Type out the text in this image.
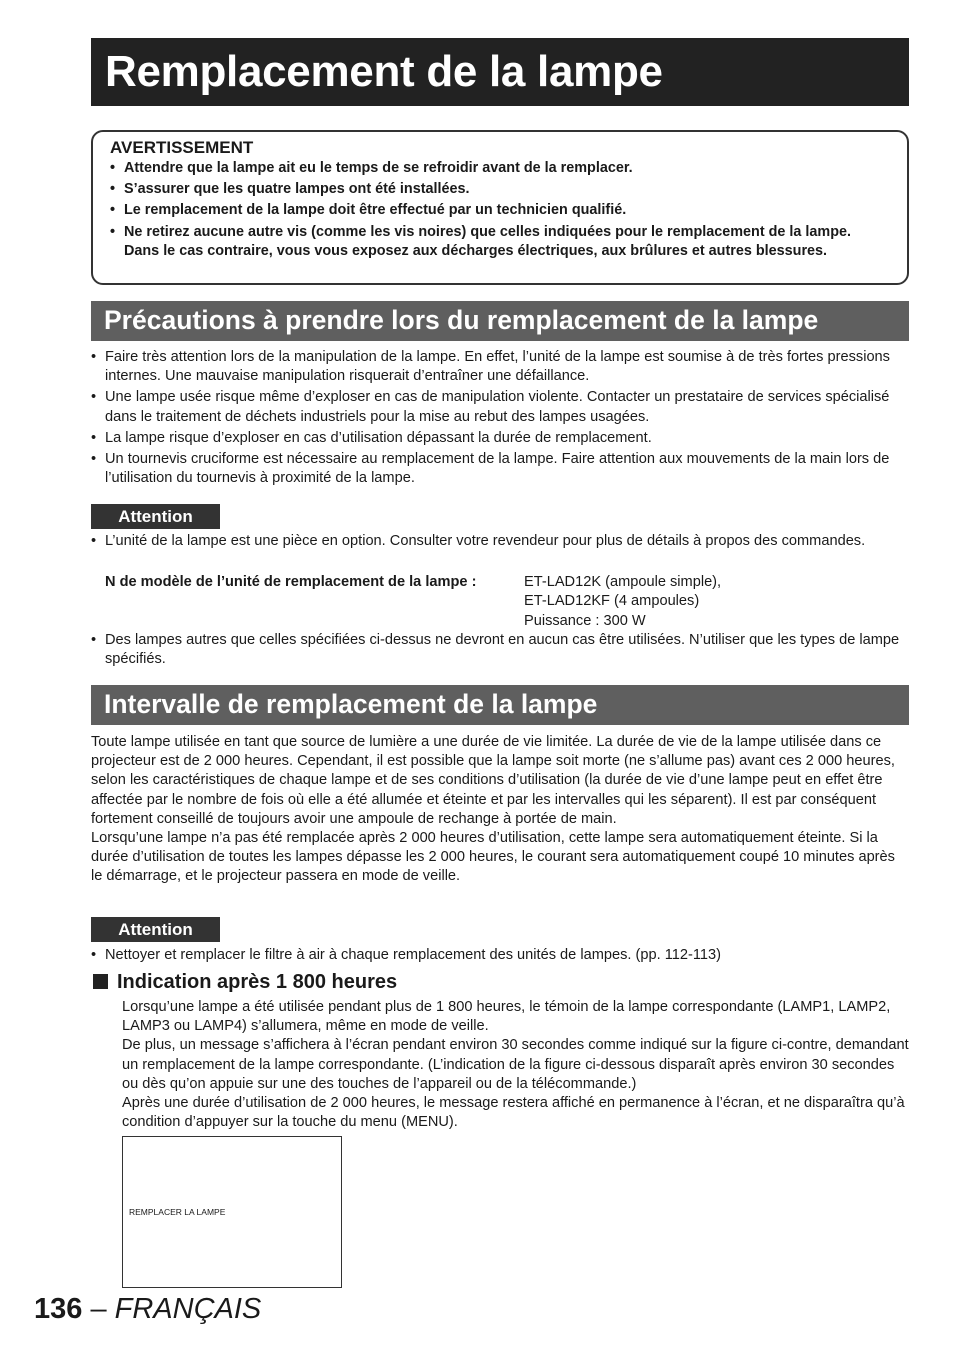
Remplacement de la lampe
AVERTISSEMENT
• Attendre que la lampe ait eu le temps de se refroidir avant de la remplacer.
• S’assurer que les quatre lampes ont été installées.
• Le remplacement de la lampe doit être effectué par un technicien qualifié.
• Ne retirez aucune autre vis (comme les vis noires) que celles indiquées pour le remplacement de la lampe. Dans le cas contraire, vous vous exposez aux décharges électriques, aux brûlures et autres blessures.
Précautions à prendre lors du remplacement de la lampe
• Faire très attention lors de la manipulation de la lampe. En effet, l’unité de la lampe est soumise à de très fortes pressions internes. Une mauvaise manipulation risquerait d’entraîner une défaillance.
• Une lampe usée risque même d’exploser en cas de manipulation violente. Contacter un prestataire de services spécialisé dans le traitement de déchets industriels pour la mise au rebut des lampes usagées.
• La lampe risque d’exploser en cas d’utilisation dépassant la durée de remplacement.
• Un tournevis cruciforme est nécessaire au remplacement de la lampe. Faire attention aux mouvements de la main lors de l’utilisation du tournevis à proximité de la lampe.
Attention
• L’unité de la lampe est une pièce en option. Consulter votre revendeur pour plus de détails à propos des commandes.
N de modèle de l’unité de remplacement de la lampe :	ET-LAD12K (ampoule simple),
ET-LAD12KF (4 ampoules)
Puissance : 300 W
• Des lampes autres que celles spécifiées ci-dessus ne devront en aucun cas être utilisées. N’utiliser que les types de lampe spécifiés.
Intervalle de remplacement de la lampe

Toute lampe utilisée en tant que source de lumière a une durée de vie limitée. La durée de vie de la lampe utilisée dans ce projecteur est de 2 000 heures. Cependant, il est possible que la lampe soit morte (ne s’allume pas) avant ces 2 000 heures, selon les caractéristiques de chaque lampe et de ses conditions d’utilisation (la durée de vie d’une lampe peut en effet être affectée par le nombre de fois où elle a été allumée et éteinte et par les intervalles qui les séparent). Il est par conséquent fortement conseillé de toujours avoir une ampoule de rechange à portée de main.
Lorsqu’une lampe n’a pas été remplacée après 2 000 heures d’utilisation, cette lampe sera automatiquement éteinte. Si la durée d’utilisation de toutes les lampes dépasse les 2 000 heures, le courant sera automatiquement coupé 10 minutes après le démarrage, et le projecteur passera en mode de veille.

Attention
• Nettoyer et remplacer le filtre à air à chaque remplacement des unités de lampes. (pp. 112-113)
Indication après 1 800 heures

Lorsqu’une lampe a été utilisée pendant plus de 1 800 heures, le témoin de la lampe correspondante (LAMP1, LAMP2, LAMP3 ou LAMP4) s’allumera, même en mode de veille.
De plus, un message s’affichera à l’écran pendant environ 30 secondes comme indiqué sur la figure ci-contre, demandant un remplacement de la lampe correspondante. (L’indication de la figure ci-dessous disparaît après environ 30 secondes ou dès qu’on appuie sur une des touches de l’appareil ou de la télécommande.)
Après une durée d’utilisation de 2 000 heures, le message restera affiché en permanence à l’écran, et ne disparaîtra qu’à condition d’appuyer sur la touche du menu (MENU).

REMPLACER LA LAMPE
136 – FRANÇAIS
